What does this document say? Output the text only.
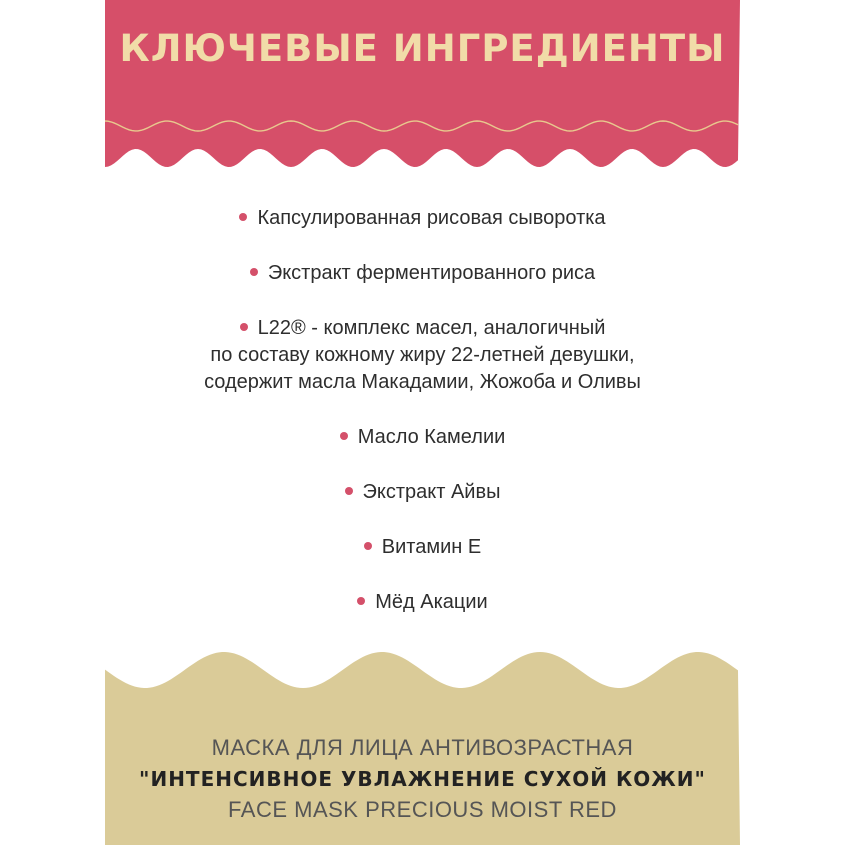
КЛЮЧЕВЫЕ ИНГРЕДИЕНТЫ

Капсулированная рисовая сыворотка

Экстракт ферментированного риса

L22® - комплекс масел, аналогичный

по составу кожному жиру 22-летней девушки,

содержит масла Макадамии, Жожоба и Оливы

Масло Камелии

Экстракт Айвы

Витамин Е

Мёд Акации

МАСКА ДЛЯ ЛИЦА АНТИВОЗРАСТНАЯ

"ИНТЕНСИВНОЕ УВЛАЖНЕНИЕ СУХОЙ КОЖИ"

FACE MASK PRECIOUS MOIST RED
